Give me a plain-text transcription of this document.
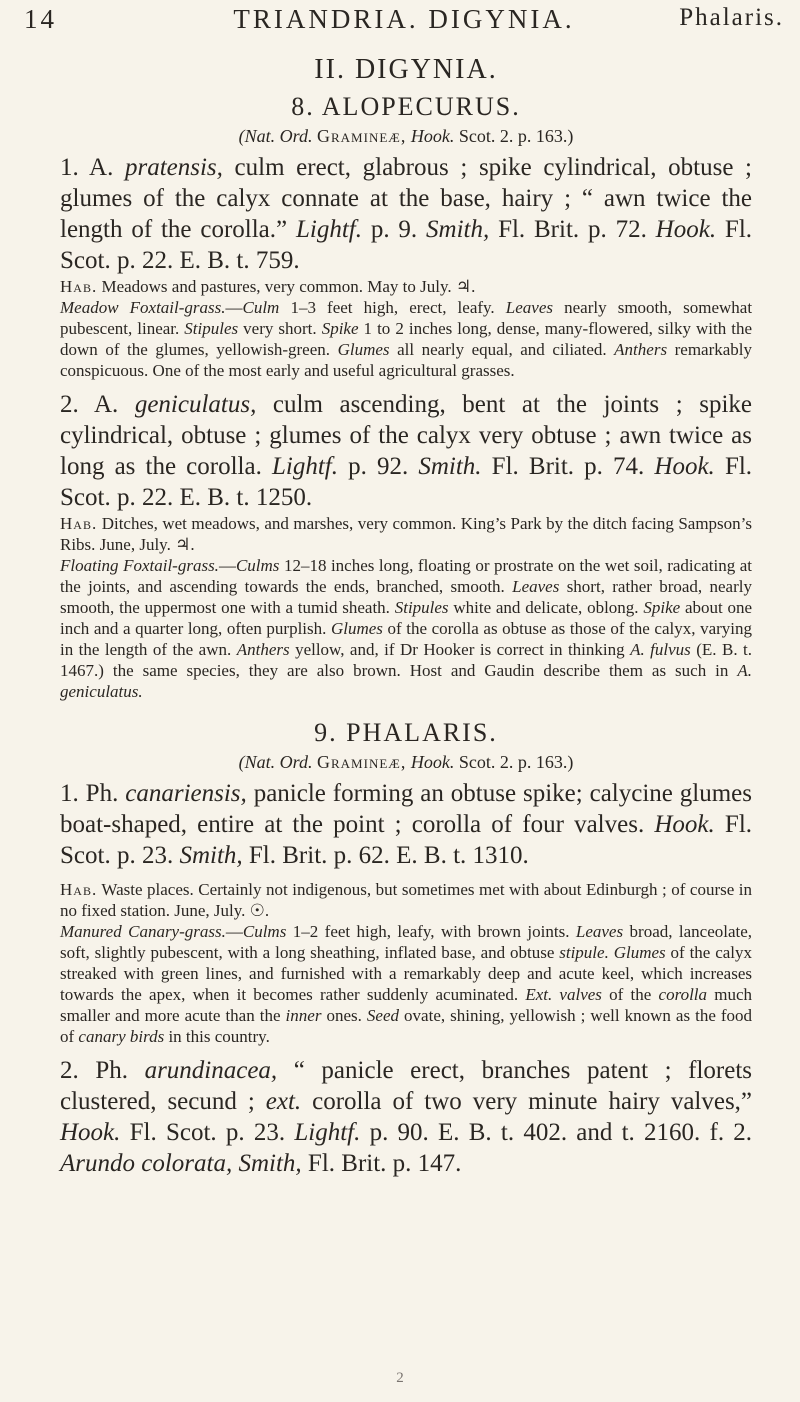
14	TRIANDRIA. DIGYNIA.	Phalaris.
II. DIGYNIA.
8. ALOPECURUS.
(Nat. Ord. Gramineæ, Hook. Scot. 2. p. 163.)

1. A. pratensis, culm erect, glabrous ; spike cylindrical, obtuse ; glumes of the calyx connate at the base, hairy ; “ awn twice the length of the corolla.” Lightf. p. 9. Smith, Fl. Brit. p. 72. Hook. Fl. Scot. p. 22. E. B. t. 759.

Hab. Meadows and pastures, very common. May to July. ♃.

Meadow Foxtail-grass.—Culm 1–3 feet high, erect, leafy. Leaves nearly smooth, somewhat pubescent, linear. Stipules very short. Spike 1 to 2 inches long, dense, many-flowered, silky with the down of the glumes, yellowish-green. Glumes all nearly equal, and ciliated. Anthers remarkably conspicuous. One of the most early and useful agricultural grasses.

2. A. geniculatus, culm ascending, bent at the joints ; spike cylindrical, obtuse ; glumes of the calyx very obtuse ; awn twice as long as the corolla. Lightf. p. 92. Smith. Fl. Brit. p. 74. Hook. Fl. Scot. p. 22. E. B. t. 1250.

Hab. Ditches, wet meadows, and marshes, very common. King’s Park by the ditch facing Sampson’s Ribs. June, July. ♃.

Floating Foxtail-grass.—Culms 12–18 inches long, floating or prostrate on the wet soil, radicating at the joints, and ascending towards the ends, branched, smooth. Leaves short, rather broad, nearly smooth, the uppermost one with a tumid sheath. Stipules white and delicate, oblong. Spike about one inch and a quarter long, often purplish. Glumes of the corolla as obtuse as those of the calyx, varying in the length of the awn. Anthers yellow, and, if Dr Hooker is correct in thinking A. fulvus (E. B. t. 1467.) the same species, they are also brown. Host and Gaudin describe them as such in A. geniculatus.

9. PHALARIS.
(Nat. Ord. Gramineæ, Hook. Scot. 2. p. 163.)

1. Ph. canariensis, panicle forming an obtuse spike; calycine glumes boat-shaped, entire at the point ; corolla of four valves. Hook. Fl. Scot. p. 23. Smith, Fl. Brit. p. 62. E. B. t. 1310.

Hab. Waste places. Certainly not indigenous, but sometimes met with about Edinburgh ; of course in no fixed station. June, July. ☉.

Manured Canary-grass.—Culms 1–2 feet high, leafy, with brown joints. Leaves broad, lanceolate, soft, slightly pubescent, with a long sheathing, inflated base, and obtuse stipule. Glumes of the calyx streaked with green lines, and furnished with a remarkably deep and acute keel, which increases towards the apex, when it becomes rather suddenly acuminated. Ext. valves of the corolla much smaller and more acute than the inner ones. Seed ovate, shining, yellowish ; well known as the food of canary birds in this country.

2. Ph. arundinacea, “ panicle erect, branches patent ; florets clustered, secund ; ext. corolla of two very minute hairy valves,” Hook. Fl. Scot. p. 23. Lightf. p. 90. E. B. t. 402. and t. 2160. f. 2. Arundo colorata, Smith, Fl. Brit. p. 147.

2
